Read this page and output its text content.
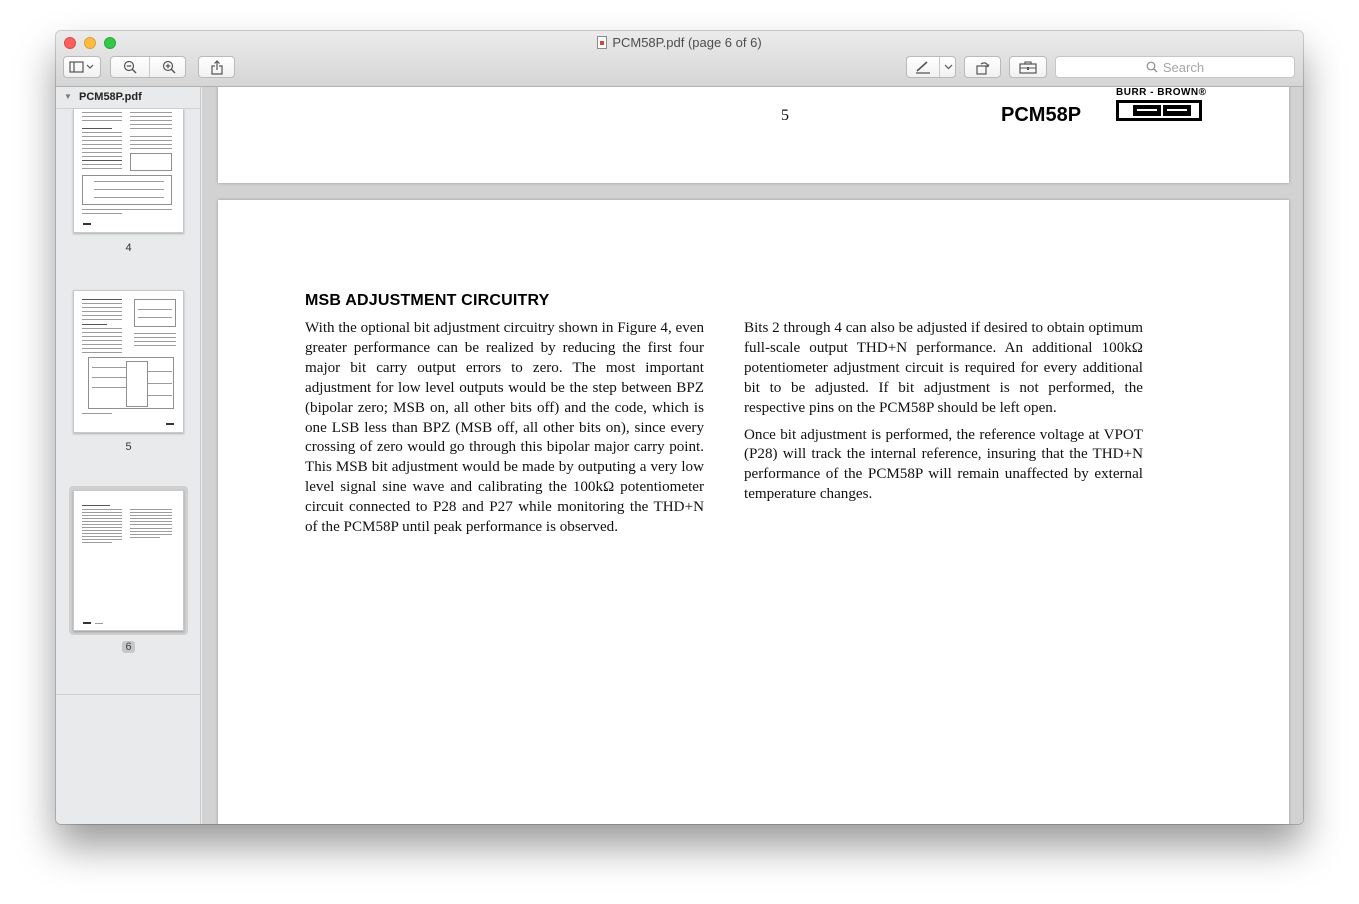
PCM58P.pdf (page 6 of 6)
Search
▼ PCM58P.pdf
4
5
6
5	PCM58P
BURR - BROWN®
MSB ADJUSTMENT CIRCUITRY

With the optional bit adjustment circuitry shown in Figure 4, even greater performance can be realized by reducing the first four major bit carry output errors to zero. The most important adjustment for low level outputs would be the step between BPZ (bipolar zero; MSB on, all other bits off) and the code, which is one LSB less than BPZ (MSB off, all other bits on), since every crossing of zero would go through this bipolar major carry point. This MSB bit adjustment would be made by outputing a very low level signal sine wave and calibrating the 100kΩ potentiometer circuit connected to P28 and P27 while monitoring the THD+N of the PCM58P until peak performance is observed.

Bits 2 through 4 can also be adjusted if desired to obtain optimum full-scale output THD+N performance. An additional 100kΩ potentiometer adjustment circuit is required for every additional bit to be adjusted. If bit adjustment is not performed, the respective pins on the PCM58P should be left open.

Once bit adjustment is performed, the reference voltage at VPOT (P28) will track the internal reference, insuring that the THD+N performance of the PCM58P will remain unaffected by external temperature changes.
